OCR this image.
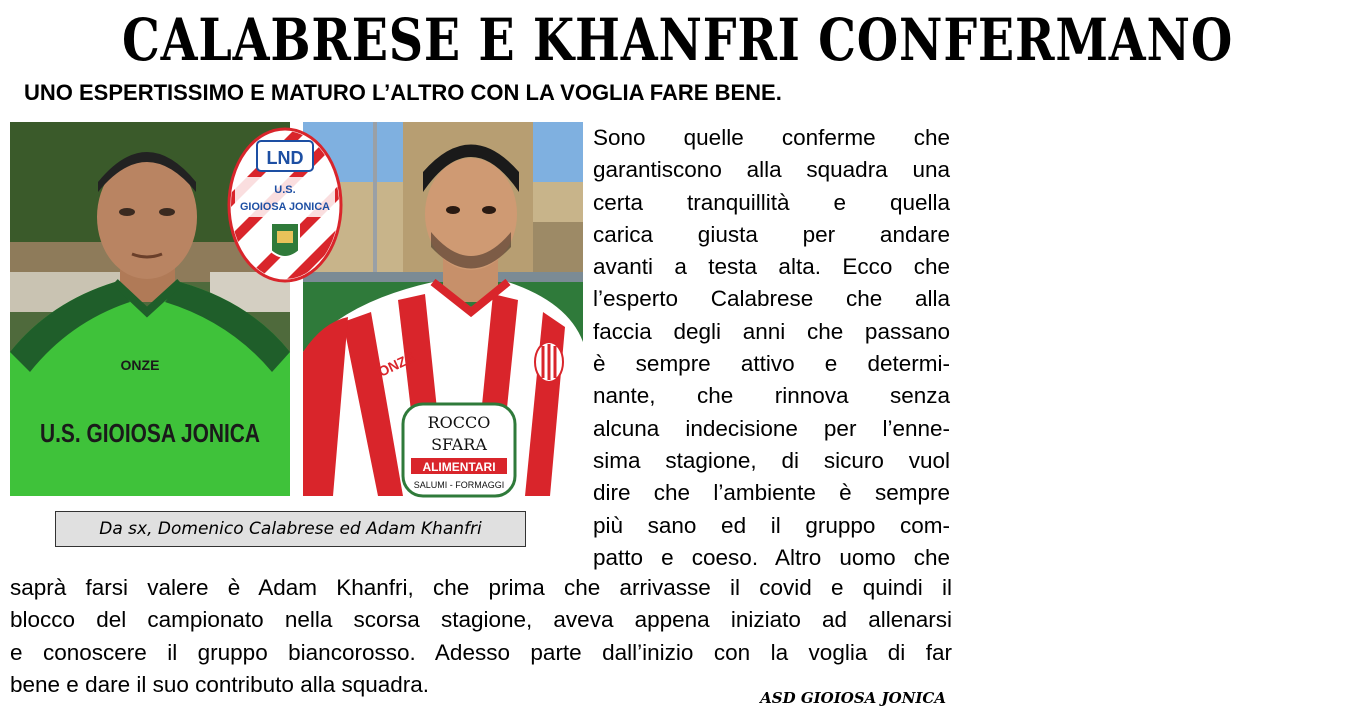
CALABRESE E KHANFRI CONFERMANO
UNO ESPERTISSIMO E MATURO L’ALTRO CON LA VOGLIA FARE BENE.
ONZE
U.S. GIOIOSA JONICA
ONZE
ROCCO
SFARA
ALIMENTARI
SALUMI - FORMAGGI
LND
U.S.
GIOIOSA JONICA
Da sx, Domenico Calabrese ed Adam Khanfri
Sono quelle conferme che
garantiscono alla squadra una
certa tranquillità e quella
carica giusta per andare
avanti a testa alta. Ecco che
l’esperto Calabrese che alla
faccia degli anni che passano
è sempre attivo e determi-
nante, che rinnova senza
alcuna indecisione per l’enne-
sima stagione, di sicuro vuol
dire che l’ambiente è sempre
più sano ed il gruppo com-
patto e coeso. Altro uomo che
saprà farsi valere è Adam Khanfri, che prima che arrivasse il covid e quindi il
blocco del campionato nella scorsa stagione, aveva appena iniziato ad allenarsi
e conoscere il gruppo biancorosso. Adesso parte dall’inizio con la voglia di far
bene e dare il suo contributo alla squadra.
ASD GIOIOSA JONICA
